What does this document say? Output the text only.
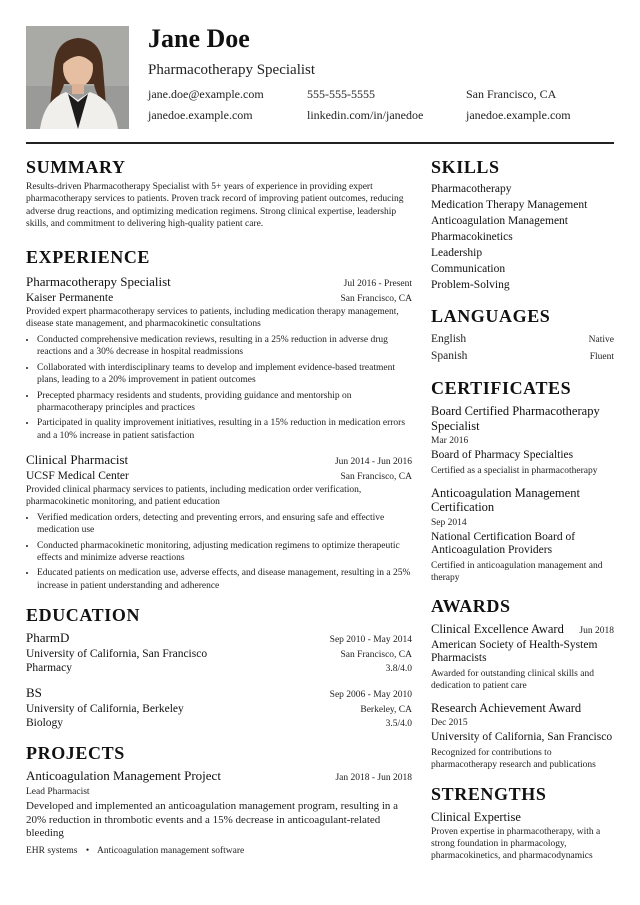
Jane Doe
Pharmacotherapy Specialist
jane.doe@example.com	555-555-5555	San Francisco, CA
janedoe.example.com	linkedin.com/in/janedoe	janedoe.example.com
SUMMARY
Results-driven Pharmacotherapy Specialist with 5+ years of experience in providing expert pharmacotherapy services to patients. Proven track record of improving patient outcomes, reducing adverse drug reactions, and optimizing medication regimens. Strong clinical expertise, leadership skills, and commitment to delivering high-quality patient care.
EXPERIENCE
Pharmacotherapy Specialist	Jul 2016 - Present
Kaiser Permanente	San Francisco, CA
Provided expert pharmacotherapy services to patients, including medication therapy management, disease state management, and pharmacokinetic consultations
• Conducted comprehensive medication reviews, resulting in a 25% reduction in adverse drug reactions and a 30% decrease in hospital readmissions
• Collaborated with interdisciplinary teams to develop and implement evidence-based treatment plans, leading to a 20% improvement in patient outcomes
• Precepted pharmacy residents and students, providing guidance and mentorship on pharmacotherapy principles and practices
• Participated in quality improvement initiatives, resulting in a 15% reduction in medication errors and a 10% increase in patient satisfaction
Clinical Pharmacist	Jun 2014 - Jun 2016
UCSF Medical Center	San Francisco, CA
Provided clinical pharmacy services to patients, including medication order verification, pharmacokinetic monitoring, and patient education
• Verified medication orders, detecting and preventing errors, and ensuring safe and effective medication use
• Conducted pharmacokinetic monitoring, adjusting medication regimens to optimize therapeutic effects and minimize adverse reactions
• Educated patients on medication use, adverse effects, and disease management, resulting in a 25% increase in patient understanding and adherence
EDUCATION
PharmD	Sep 2010 - May 2014
University of California, San Francisco	San Francisco, CA
Pharmacy	3.8/4.0
BS	Sep 2006 - May 2010
University of California, Berkeley	Berkeley, CA
Biology	3.5/4.0
PROJECTS
Anticoagulation Management Project	Jan 2018 - Jun 2018
Lead Pharmacist
Developed and implemented an anticoagulation management program, resulting in a 20% reduction in thrombotic events and a 15% decrease in anticoagulant-related bleeding
EHR systems • Anticoagulation management software
SKILLS
Pharmacotherapy
Medication Therapy Management
Anticoagulation Management
Pharmacokinetics
Leadership
Communication
Problem-Solving
LANGUAGES
English	Native
Spanish	Fluent
CERTIFICATES
Board Certified Pharmacotherapy Specialist
Mar 2016
Board of Pharmacy Specialties
Certified as a specialist in pharmacotherapy
Anticoagulation Management Certification
Sep 2014
National Certification Board of Anticoagulation Providers
Certified in anticoagulation management and therapy
AWARDS
Clinical Excellence Award Jun 2018
American Society of Health-System Pharmacists
Awarded for outstanding clinical skills and dedication to patient care
Research Achievement Award
Dec 2015
University of California, San Francisco
Recognized for contributions to pharmacotherapy research and publications
STRENGTHS
Clinical Expertise
Proven expertise in pharmacotherapy, with a strong foundation in pharmacology, pharmacokinetics, and pharmacodynamics
